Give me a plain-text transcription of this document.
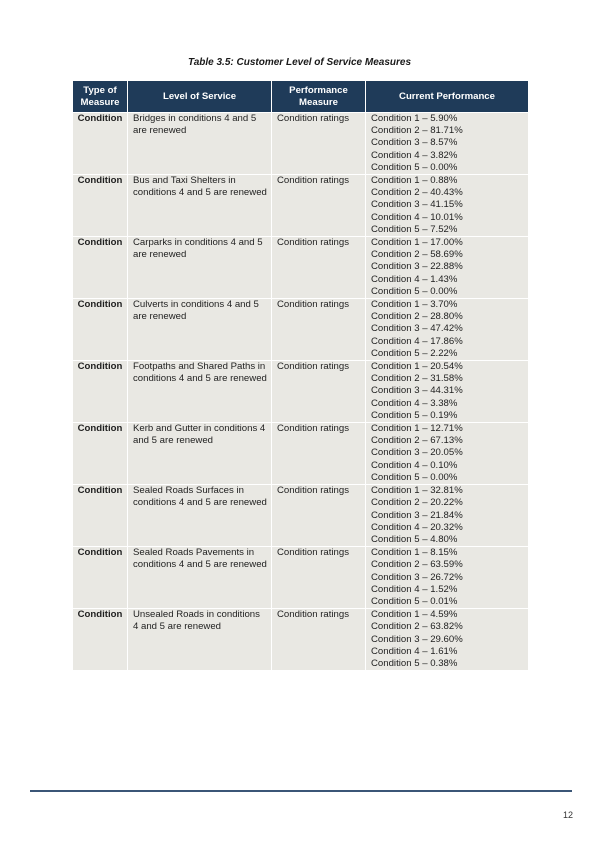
Table 3.5: Customer Level of Service Measures
Type of Measure	Level of Service	Performance Measure	Current Performance
Condition	Bridges in conditions 4 and 5 are renewed	Condition ratings	Condition 1 – 5.90%
Condition 2 – 81.71%
Condition 3 – 8.57%
Condition 4 – 3.82%
Condition 5 – 0.00%

Condition	Bus and Taxi Shelters in conditions 4 and 5 are renewed	Condition ratings	Condition 1 – 0.88%
Condition 2 – 40.43%
Condition 3 – 41.15%
Condition 4 – 10.01%
Condition 5 – 7.52%

Condition	Carparks in conditions 4 and 5 are renewed	Condition ratings	Condition 1 – 17.00%
Condition 2 – 58.69%
Condition 3 – 22.88%
Condition 4 – 1.43%
Condition 5 – 0.00%

Condition	Culverts in conditions 4 and 5 are renewed	Condition ratings	Condition 1 – 3.70%
Condition 2 – 28.80%
Condition 3 – 47.42%
Condition 4 – 17.86%
Condition 5 – 2.22%

Condition	Footpaths and Shared Paths in conditions 4 and 5 are renewed	Condition ratings	Condition 1 – 20.54%
Condition 2 – 31.58%
Condition 3 – 44.31%
Condition 4 – 3.38%
Condition 5 – 0.19%

Condition	Kerb and Gutter in conditions 4 and 5 are renewed	Condition ratings	Condition 1 – 12.71%
Condition 2 – 67.13%
Condition 3 – 20.05%
Condition 4 – 0.10%
Condition 5 – 0.00%

Condition	Sealed Roads Surfaces in conditions 4 and 5 are renewed	Condition ratings	Condition 1 – 32.81%
Condition 2 – 20.22%
Condition 3 – 21.84%
Condition 4 – 20.32%
Condition 5 – 4.80%

Condition	Sealed Roads Pavements in conditions 4 and 5 are renewed	Condition ratings	Condition 1 – 8.15%
Condition 2 – 63.59%
Condition 3 – 26.72%
Condition 4 – 1.52%
Condition 5 – 0.01%

Condition	Unsealed Roads in conditions 4 and 5 are renewed	Condition ratings	Condition 1 – 4.59%
Condition 2 – 63.82%
Condition 3 – 29.60%
Condition 4 – 1.61%
Condition 5 – 0.38%
12
